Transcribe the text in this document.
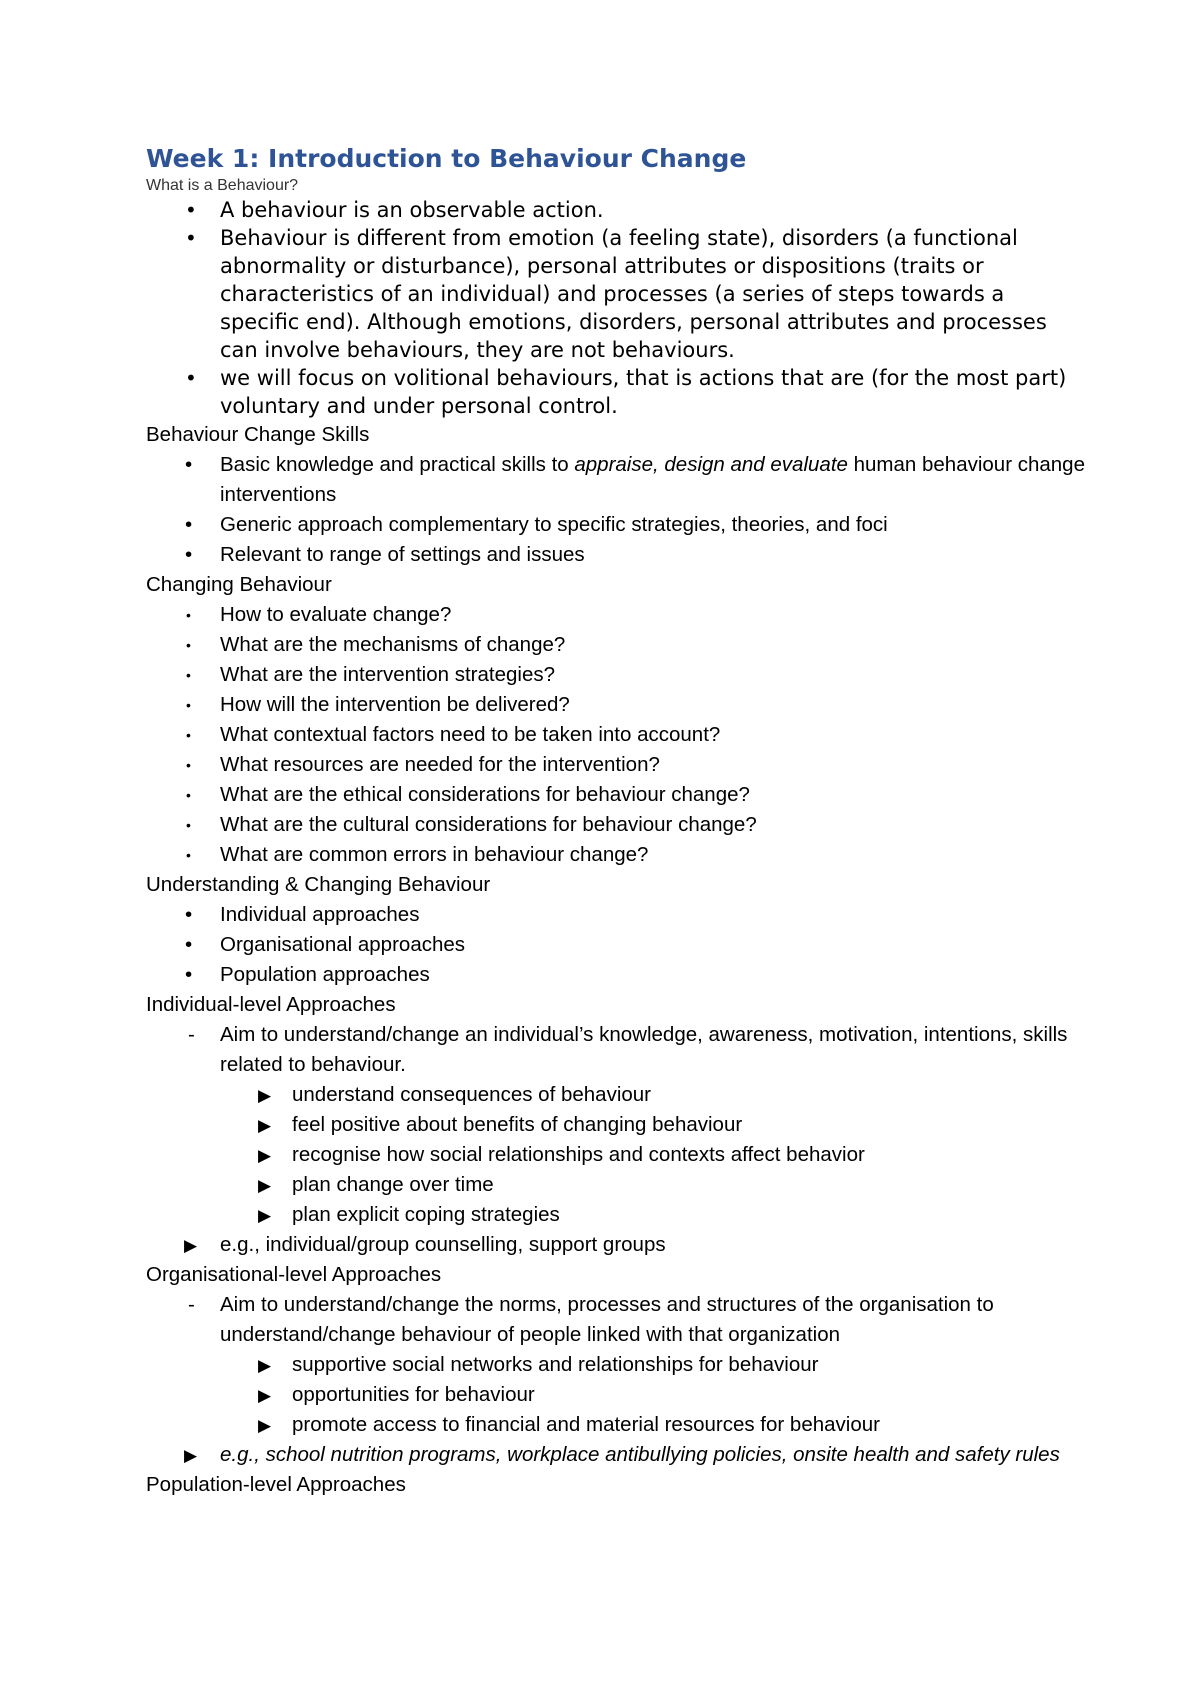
Week 1: Introduction to Behaviour Change
What is a Behaviour?
• A behaviour is an observable action.
• Behaviour is different from emotion (a feeling state), disorders (a functional abnormality or disturbance), personal attributes or dispositions (traits or characteristics of an individual) and processes (a series of steps towards a specific end). Although emotions, disorders, personal attributes and processes can involve behaviours, they are not behaviours.
• we will focus on volitional behaviours, that is actions that are (for the most part) voluntary and under personal control.
Behaviour Change Skills
• Basic knowledge and practical skills to appraise, design and evaluate human behaviour change interventions
• Generic approach complementary to specific strategies, theories, and foci
• Relevant to range of settings and issues
Changing Behaviour
• How to evaluate change?
• What are the mechanisms of change?
• What are the intervention strategies?
• How will the intervention be delivered?
• What contextual factors need to be taken into account?
• What resources are needed for the intervention?
• What are the ethical considerations for behaviour change?
• What are the cultural considerations for behaviour change?
• What are common errors in behaviour change?
Understanding & Changing Behaviour
• Individual approaches
• Organisational approaches
• Population approaches
Individual-level Approaches
- Aim to understand/change an individual’s knowledge, awareness, motivation, intentions, skills related to behaviour.
▶ understand consequences of behaviour
▶ feel positive about benefits of changing behaviour
▶ recognise how social relationships and contexts affect behavior
▶ plan change over time
▶ plan explicit coping strategies
▶ e.g., individual/group counselling, support groups
Organisational-level Approaches
- Aim to understand/change the norms, processes and structures of the organisation to understand/change behaviour of people linked with that organization
▶ supportive social networks and relationships for behaviour
▶ opportunities for behaviour
▶ promote access to financial and material resources for behaviour
▶ e.g., school nutrition programs, workplace antibullying policies, onsite health and safety rules
Population-level Approaches
